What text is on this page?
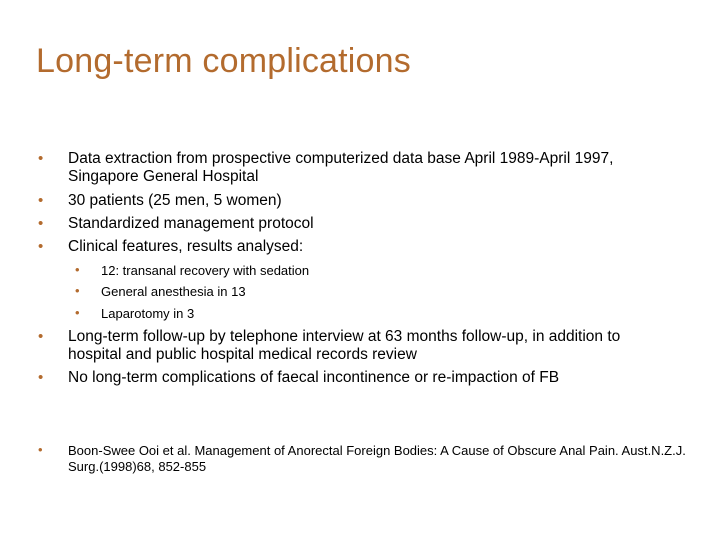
Long-term complications
• Data extraction from prospective computerized data base April 1989-April 1997, Singapore General Hospital
• 30 patients (25 men, 5 women)
• Standardized management protocol
• Clinical features, results analysed:
• 12: transanal recovery with sedation
• General anesthesia in 13
• Laparotomy in 3
• Long-term follow-up by telephone interview at 63 months follow-up, in addition to hospital and public hospital medical records review
• No long-term complications of faecal incontinence or re-impaction of FB
• Boon-Swee Ooi et al. Management of Anorectal Foreign Bodies: A Cause of Obscure Anal Pain. Aust.N.Z.J. Surg.(1998)68, 852-855
